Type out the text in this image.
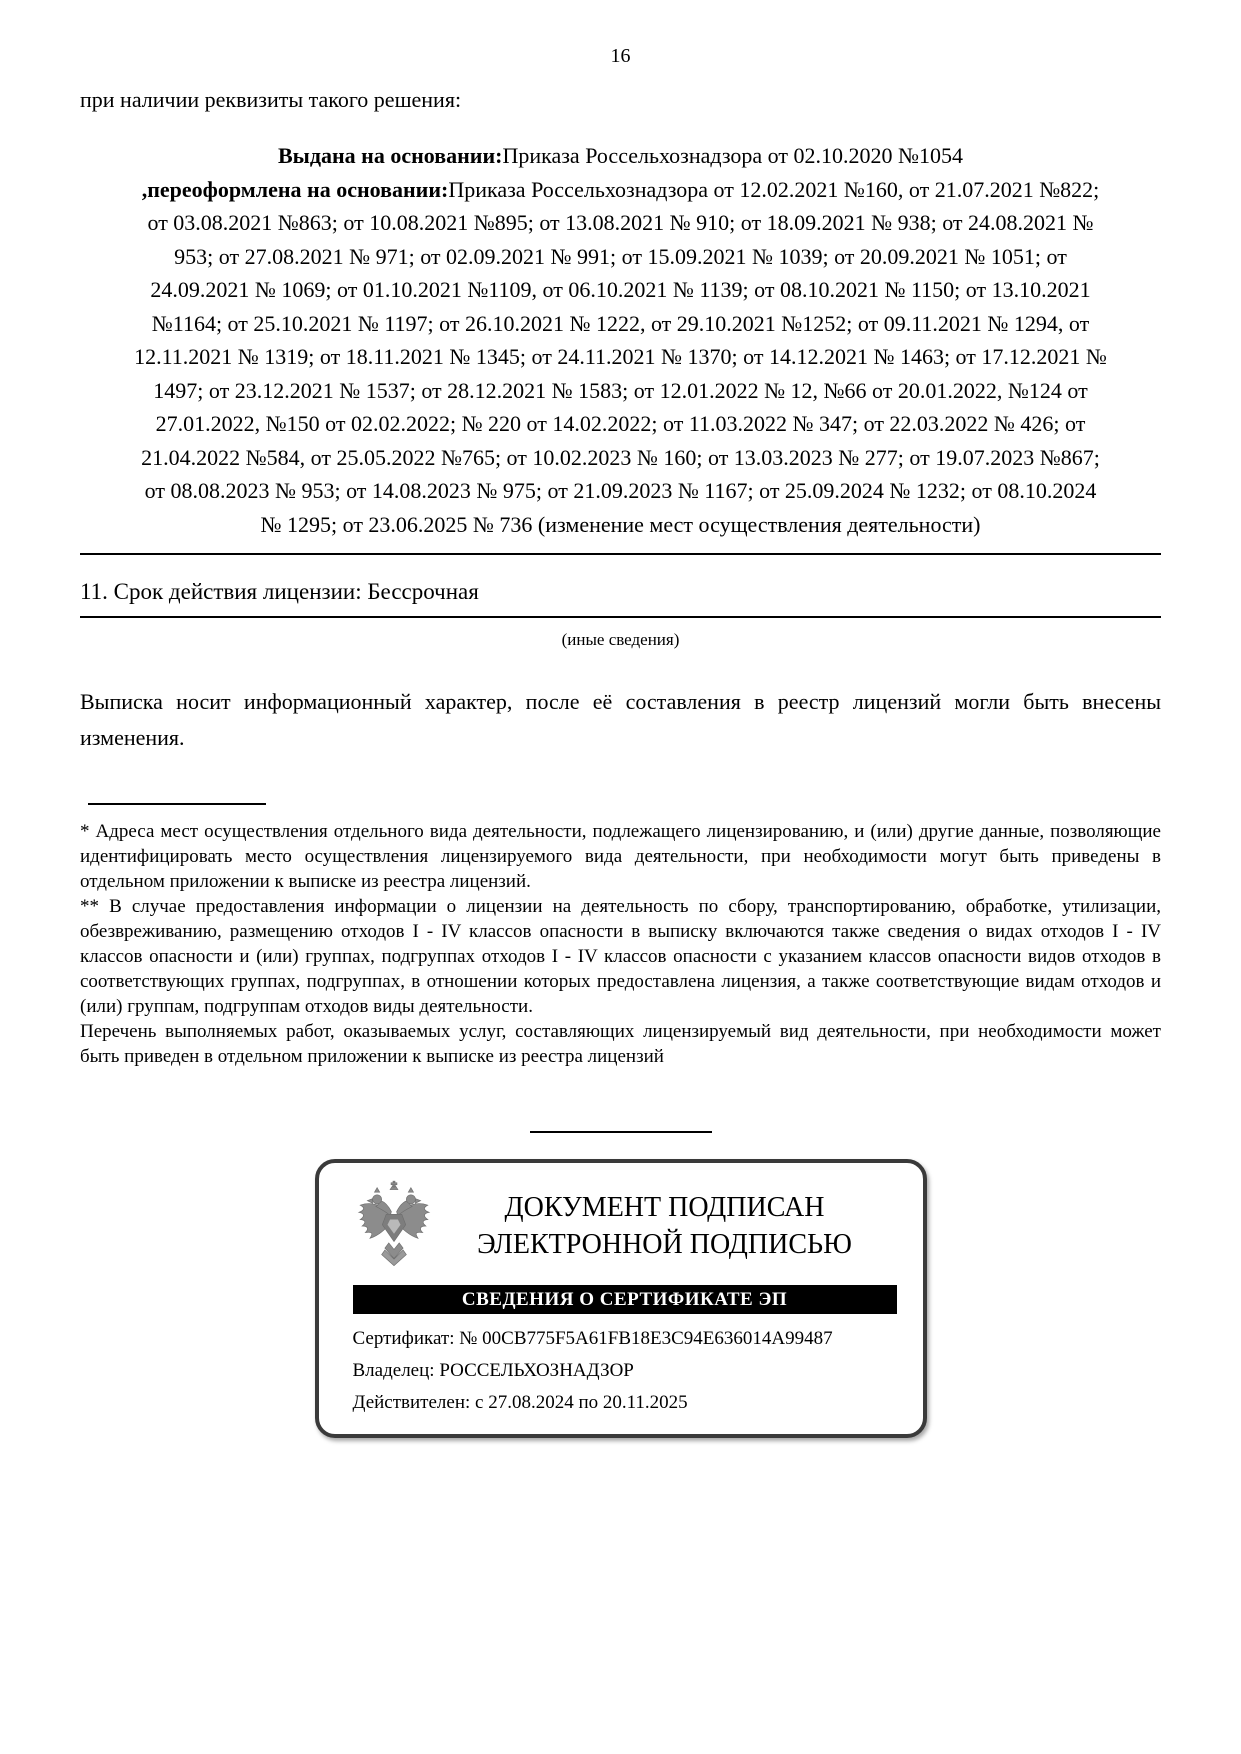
16
при наличии реквизиты такого решения:
Выдана на основании:Приказа Россельхознадзора от 02.10.2020 №1054
,переоформлена на основании:Приказа Россельхознадзора от 12.02.2021 №160, от 21.07.2021 №822; от 03.08.2021 №863; от 10.08.2021 №895; от 13.08.2021 № 910; от 18.09.2021 № 938; от 24.08.2021 № 953; от 27.08.2021 № 971; от 02.09.2021 № 991; от 15.09.2021 № 1039; от 20.09.2021 № 1051; от 24.09.2021 № 1069; от 01.10.2021 №1109, от 06.10.2021 № 1139; от 08.10.2021 № 1150; от 13.10.2021 №1164; от 25.10.2021 № 1197; от 26.10.2021 № 1222, от 29.10.2021 №1252; от 09.11.2021 № 1294, от 12.11.2021 № 1319; от 18.11.2021 № 1345; от 24.11.2021 № 1370; от 14.12.2021 № 1463; от 17.12.2021 № 1497; от 23.12.2021 № 1537; от 28.12.2021 № 1583; от 12.01.2022 № 12, №66 от 20.01.2022, №124 от 27.01.2022, №150 от 02.02.2022; № 220 от 14.02.2022; от 11.03.2022 № 347; от 22.03.2022 № 426; от 21.04.2022 №584, от 25.05.2022 №765; от 10.02.2023 № 160; от 13.03.2023 № 277; от 19.07.2023 №867; от 08.08.2023 № 953; от 14.08.2023 № 975; от 21.09.2023 № 1167; от 25.09.2024 № 1232; от 08.10.2024 № 1295; от 23.06.2025 № 736 (изменение мест осуществления деятельности)
11. Срок действия лицензии: Бессрочная
(иные сведения)
Выписка носит информационный характер, после её составления в реестр лицензий могли быть внесены изменения.

* Адреса мест осуществления отдельного вида деятельности, подлежащего лицензированию, и (или) другие данные, позволяющие идентифицировать место осуществления лицензируемого вида деятельности, при необходимости могут быть приведены в отдельном приложении к выписке из реестра лицензий.

** В случае предоставления информации о лицензии на деятельность по сбору, транспортированию, обработке, утилизации, обезвреживанию, размещению отходов I - IV классов опасности в выписку включаются также сведения о видах отходов I - IV классов опасности и (или) группах, подгруппах отходов I - IV классов опасности с указанием классов опасности видов отходов в соответствующих группах, подгруппах, в отношении которых предоставлена лицензия, а также соответствующие видам отходов и (или) группам, подгруппам отходов виды деятельности.

Перечень выполняемых работ, оказываемых услуг, составляющих лицензируемый вид деятельности, при необходимости может быть приведен в отдельном приложении к выписке из реестра лицензий

ДОКУМЕНТ ПОДПИСАН
ЭЛЕКТРОННОЙ ПОДПИСЬЮ
СВЕДЕНИЯ О СЕРТИФИКАТЕ ЭП
Сертификат: № 00CB775F5A61FB18E3C94E636014A99487
Владелец: РОССЕЛЬХОЗНАДЗОР
Действителен: с 27.08.2024 по 20.11.2025
